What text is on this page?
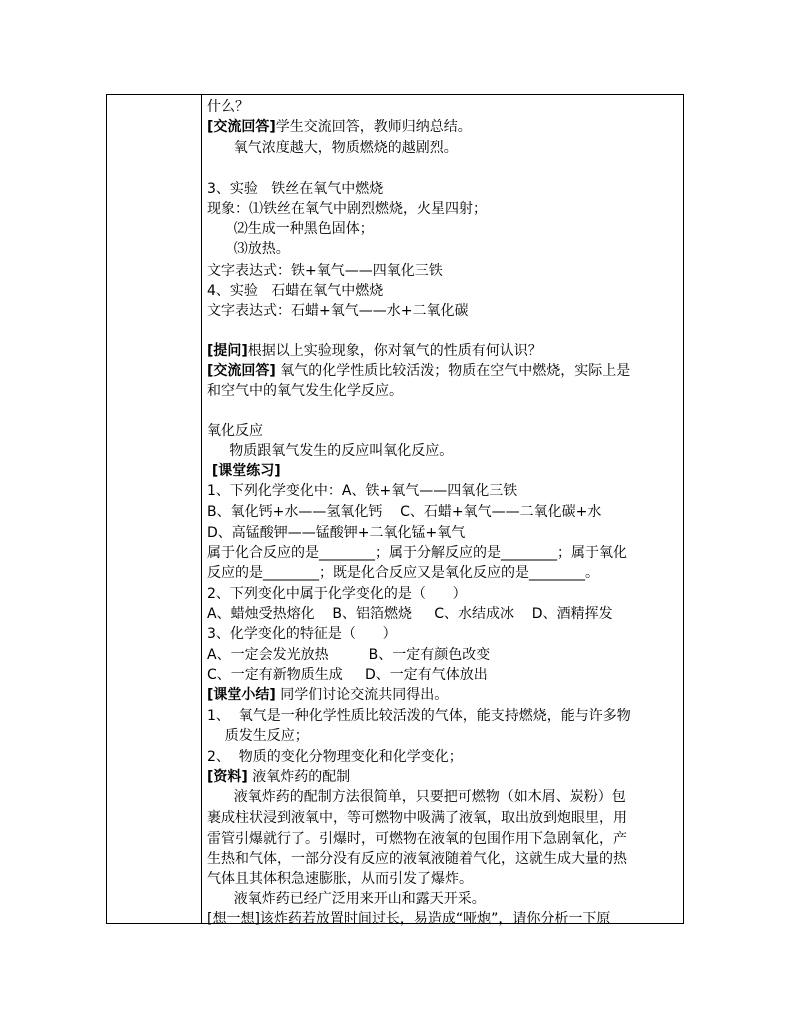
什么？
[交流回答]学生交流回答，教师归纳总结。
氧气浓度越大，物质燃烧的越剧烈。
3、实验   铁丝在氧气中燃烧
现象：⑴铁丝在氧气中剧烈燃烧，火星四射；
⑵生成一种黑色固体；
⑶放热。
文字表达式：铁+氧气——四氧化三铁
4、实验   石蜡在氧气中燃烧
文字表达式：石蜡+氧气——水+二氧化碳
[提问]根据以上实验现象，你对氧气的性质有何认识？
[交流回答] 氧气的化学性质比较活泼；物质在空气中燃烧，实际上是
和空气中的氧气发生化学反应。
氧化反应
物质跟氧气发生的反应叫氧化反应。
[课堂练习]
1、下列化学变化中：A、铁+氧气——四氧化三铁
B、氧化钙+水——氢氧化钙    C、石蜡+氧气——二氧化碳+水
D、高锰酸钾——锰酸钾+二氧化锰+氧气
属于化合反应的是________；属于分解反应的是________；属于氧化
反应的是________；既是化合反应又是氧化反应的是________。
2、下列变化中属于化学变化的是（      ）
A、蜡烛受热熔化    B、铝箔燃烧     C、水结成冰    D、酒精挥发
3、化学变化的特征是（      ）
A、一定会发光放热         B、一定有颜色改变
C、一定有新物质生成     D、一定有气体放出
[课堂小结] 同学们讨论交流共同得出。
1、  氧气是一种化学性质比较活泼的气体，能支持燃烧，能与许多物
质发生反应；
2、  物质的变化分物理变化和化学变化；
[资料] 液氧炸药的配制
液氧炸药的配制方法很简单，只要把可燃物（如木屑、炭粉）包
裹成柱状浸到液氧中，等可燃物中吸满了液氧，取出放到炮眼里，用
雷管引爆就行了。引爆时，可燃物在液氧的包围作用下急剧氧化，产
生热和气体，一部分没有反应的液氧液随着气化，这就生成大量的热
气体且其体积急速膨胀，从而引发了爆炸。
液氧炸药已经广泛用来开山和露天开采。
[想一想]该炸药若放置时间过长，易造成“哑炮”，请你分析一下原
